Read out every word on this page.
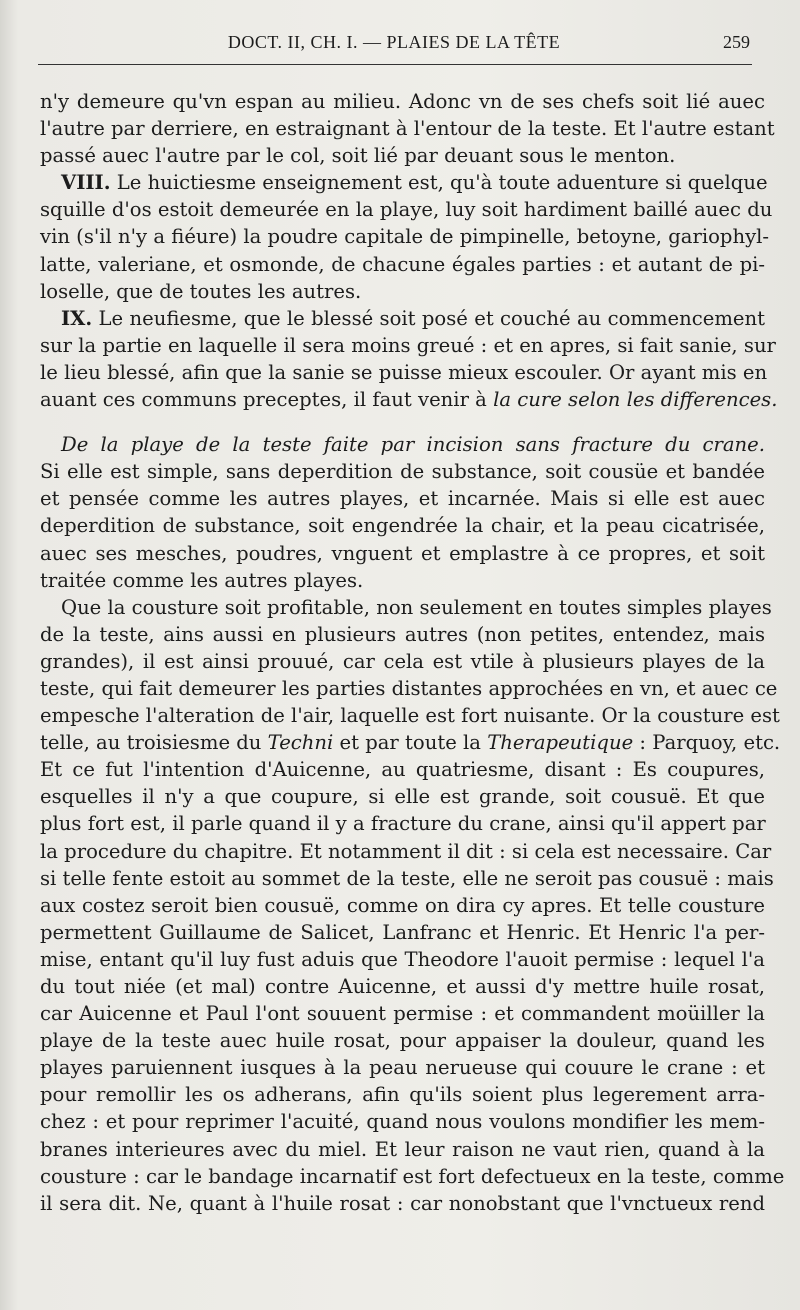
DOCT. II, CH. I. — PLAIES DE LA TÊTE	259
n'y demeure qu'vn espan au milieu. Adonc vn de ses chefs soit lié auec
l'autre par derriere, en estraignant à l'entour de la teste. Et l'autre estant
passé auec l'autre par le col, soit lié par deuant sous le menton.
VIII. Le huictiesme enseignement est, qu'à toute aduenture si quelque
squille d'os estoit demeurée en la playe, luy soit hardiment baillé auec du
vin (s'il n'y a fiéure) la poudre capitale de pimpinelle, betoyne, gariophyl-
latte, valeriane, et osmonde, de chacune égales parties : et autant de pi-
loselle, que de toutes les autres.
IX. Le neufiesme, que le blessé soit posé et couché au commencement
sur la partie en laquelle il sera moins greué : et en apres, si fait sanie, sur
le lieu blessé, afin que la sanie se puisse mieux escouler. Or ayant mis en
auant ces communs preceptes, il faut venir à la cure selon les differences.
De la playe de la teste faite par incision sans fracture du crane.
Si elle est simple, sans deperdition de substance, soit cousüe et bandée
et pensée comme les autres playes, et incarnée. Mais si elle est auec
deperdition de substance, soit engendrée la chair, et la peau cicatrisée,
auec ses mesches, poudres, vnguent et emplastre à ce propres, et soit
traitée comme les autres playes.
Que la cousture soit profitable, non seulement en toutes simples playes
de la teste, ains aussi en plusieurs autres (non petites, entendez, mais
grandes), il est ainsi prouué, car cela est vtile à plusieurs playes de la
teste, qui fait demeurer les parties distantes approchées en vn, et auec ce
empesche l'alteration de l'air, laquelle est fort nuisante. Or la cousture est
telle, au troisiesme du Techni et par toute la Therapeutique : Parquoy, etc.
Et ce fut l'intention d'Auicenne, au quatriesme, disant : Es coupures,
esquelles il n'y a que coupure, si elle est grande, soit cousuë. Et que
plus fort est, il parle quand il y a fracture du crane, ainsi qu'il appert par
la procedure du chapitre. Et notamment il dit : si cela est necessaire. Car
si telle fente estoit au sommet de la teste, elle ne seroit pas cousuë : mais
aux costez seroit bien cousuë, comme on dira cy apres. Et telle cousture
permettent Guillaume de Salicet, Lanfranc et Henric. Et Henric l'a per-
mise, entant qu'il luy fust aduis que Theodore l'auoit permise : lequel l'a
du tout niée (et mal) contre Auicenne, et aussi d'y mettre huile rosat,
car Auicenne et Paul l'ont souuent permise : et commandent moüiller la
playe de la teste auec huile rosat, pour appaiser la douleur, quand les
playes paruiennent iusques à la peau nerueuse qui couure le crane : et
pour remollir les os adherans, afin qu'ils soient plus legerement arra-
chez : et pour reprimer l'acuité, quand nous voulons mondifier les mem-
branes interieures avec du miel. Et leur raison ne vaut rien, quand à la
cousture : car le bandage incarnatif est fort defectueux en la teste, comme
il sera dit. Ne, quant à l'huile rosat : car nonobstant que l'vnctueux rend
